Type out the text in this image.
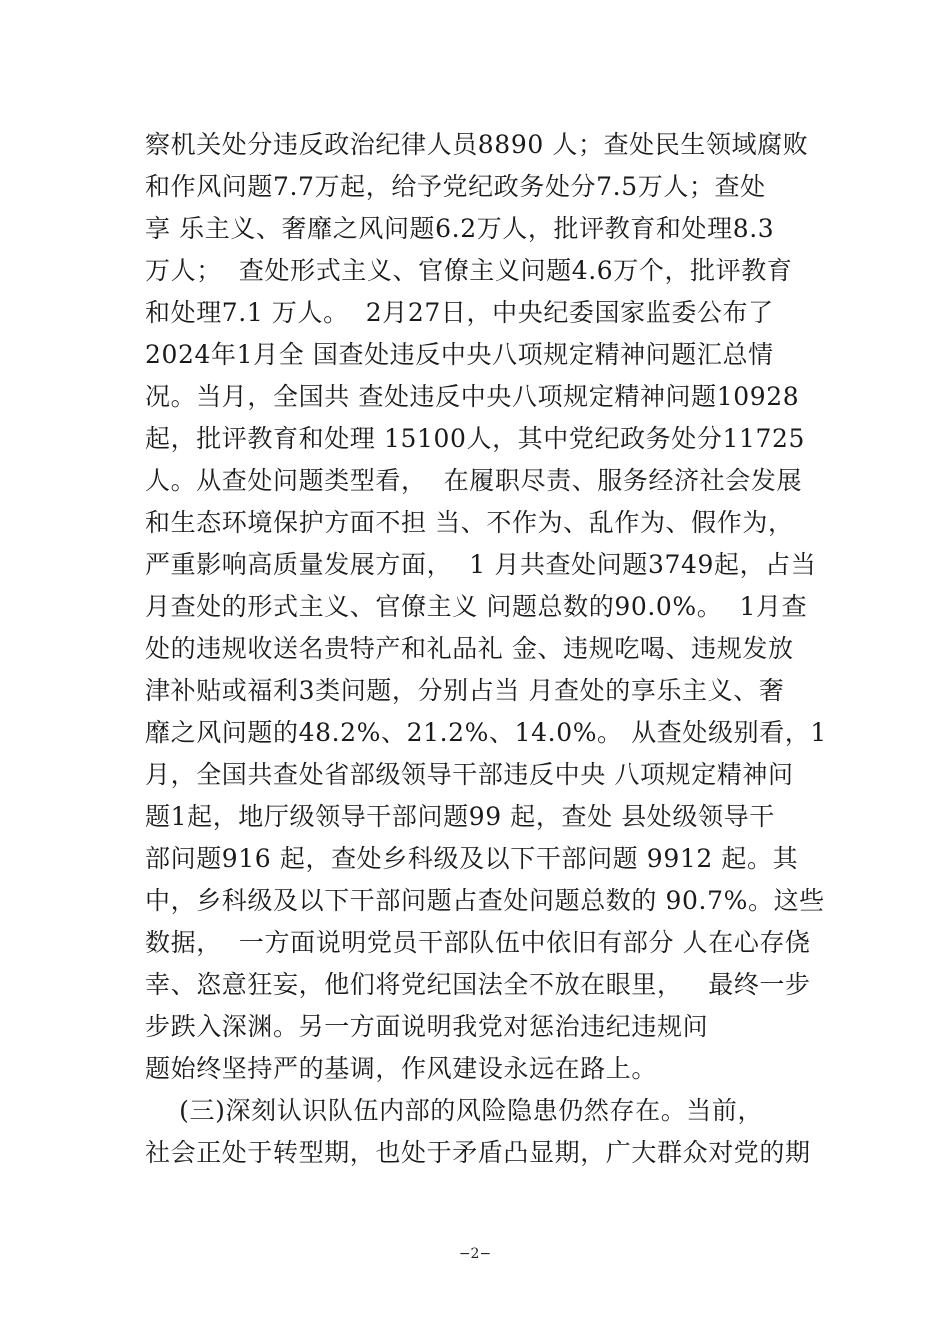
察机关处分违反政治纪律人员8890 人；查处民生领域腐败
和作风问题7.7万起，给予党纪政务处分7.5万人；查处
享 乐主义、奢靡之风问题6.2万人，批评教育和处理8.3
万人；  查处形式主义、官僚主义问题4.6万个，批评教育
和处理7.1 万人。  2月27日，中央纪委国家监委公布了
2024年1月全 国查处违反中央八项规定精神问题汇总情
况。当月，全国共 查处违反中央八项规定精神问题10928
起，批评教育和处理 15100人，其中党纪政务处分11725
人。从查处问题类型看，  在履职尽责、服务经济社会发展
和生态环境保护方面不担 当、不作为、乱作为、假作为，
严重影响高质量发展方面，  1 月共查处问题3749起，占当
月查处的形式主义、官僚主义 问题总数的90.0%。  1月查
处的违规收送名贵特产和礼品礼 金、违规吃喝、违规发放
津补贴或福利3类问题，分别占当 月查处的享乐主义、奢
靡之风问题的48.2%、21.2%、14.0%。 从查处级别看，1
月，全国共查处省部级领导干部违反中央 八项规定精神问
题1起，地厅级领导干部问题99 起，查处 县处级领导干
部问题916 起，查处乡科级及以下干部问题 9912 起。其
中，乡科级及以下干部问题占查处问题总数的 90.7%。这些
数据，  一方面说明党员干部队伍中依旧有部分 人在心存侥
幸、恣意狂妄，他们将党纪国法全不放在眼里，   最终一步
步跌入深渊。另一方面说明我党对惩治违纪违规问
题始终坚持严的基调，作风建设永远在路上。
(三)深刻认识队伍内部的风险隐患仍然存在。当前，
社会正处于转型期，也处于矛盾凸显期，广大群众对党的期
−2−
